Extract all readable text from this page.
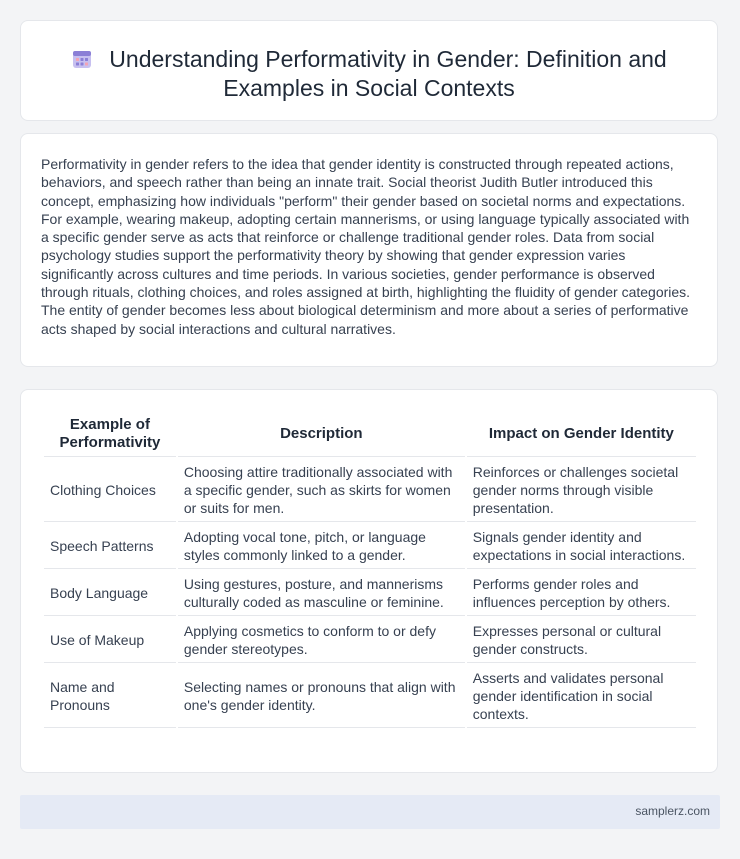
Understanding Performativity in Gender: Definition and Examples in Social Contexts

Performativity in gender refers to the idea that gender identity is constructed through repeated actions, behaviors, and speech rather than being an innate trait. Social theorist Judith Butler introduced this concept, emphasizing how individuals "perform" their gender based on societal norms and expectations. For example, wearing makeup, adopting certain mannerisms, or using language typically associated with a specific gender serve as acts that reinforce or challenge traditional gender roles. Data from social psychology studies support the performativity theory by showing that gender expression varies significantly across cultures and time periods. In various societies, gender performance is observed through rituals, clothing choices, and roles assigned at birth, highlighting the fluidity of gender categories. The entity of gender becomes less about biological determinism and more about a series of performative acts shaped by social interactions and cultural narratives.

Example of Performativity	Description	Impact on Gender Identity
Clothing Choices	Choosing attire traditionally associated with a specific gender, such as skirts for women or suits for men.	Reinforces or challenges societal gender norms through visible presentation.
Speech Patterns	Adopting vocal tone, pitch, or language styles commonly linked to a gender.	Signals gender identity and expectations in social interactions.
Body Language	Using gestures, posture, and mannerisms culturally coded as masculine or feminine.	Performs gender roles and influences perception by others.
Use of Makeup	Applying cosmetics to conform to or defy gender stereotypes.	Expresses personal or cultural gender constructs.
Name and Pronouns	Selecting names or pronouns that align with one's gender identity.	Asserts and validates personal gender identification in social contexts.
samplerz.com
